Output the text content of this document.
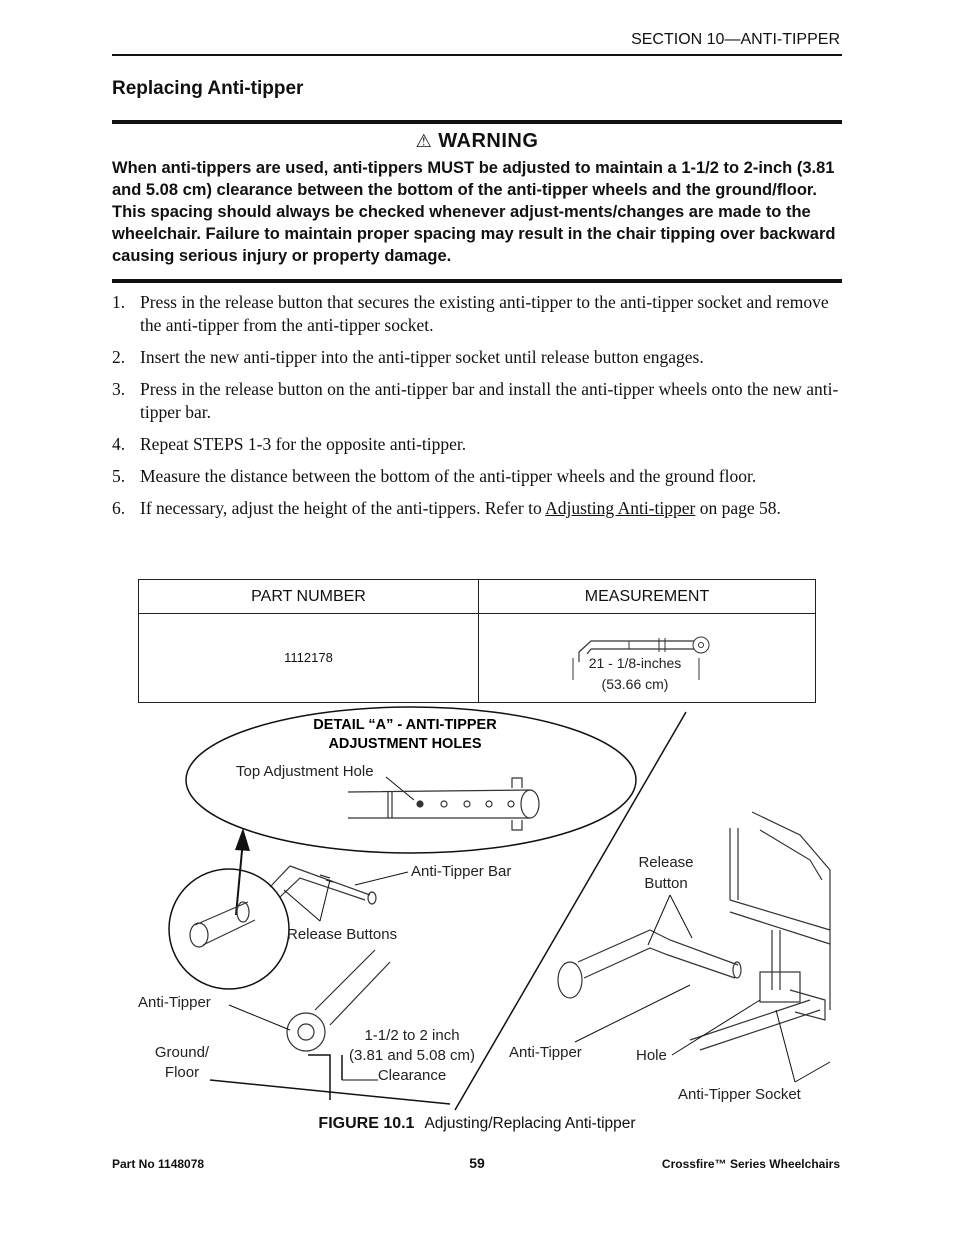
SECTION 10—ANTI-TIPPER
Replacing Anti-tipper
⚠ WARNING
When anti-tippers are used, anti-tippers MUST be adjusted to maintain a 1-1/2 to 2-inch (3.81 and 5.08 cm) clearance between the bottom of the anti-tipper wheels and the ground/floor. This spacing should always be checked whenever adjust-ments/changes are made to the wheelchair. Failure to maintain proper spacing may result in the chair tipping over backward causing serious injury or property damage.
1. Press in the release button that secures the existing anti-tipper to the anti-tipper socket and remove the anti-tipper from the anti-tipper socket.
2. Insert the new anti-tipper into the anti-tipper socket until release button engages.
3. Press in the release button on the anti-tipper bar and install the anti-tipper wheels onto the new anti-tipper bar.
4. Repeat STEPS 1-3 for the opposite anti-tipper.
5. Measure the distance between the bottom of the anti-tipper wheels and the ground floor.
6. If necessary, adjust the height of the anti-tippers. Refer to Adjusting Anti-tipper on page 58.
PART NUMBER	MEASUREMENT
1112178	21 - 1/8-inches
(53.66 cm)
DETAIL “A” - ANTI-TIPPER
ADJUSTMENT HOLES
Top Adjustment Hole
Anti-Tipper Bar
Release Buttons
Anti-Tipper
Ground/
Floor
1-1/2 to 2 inch
(3.81 and 5.08 cm)
Clearance
Release
Button
Anti-Tipper	Hole
Anti-Tipper Socket
FIGURE 10.1 Adjusting/Replacing Anti-tipper
Part No 1148078	59	Crossfire™ Series Wheelchairs
